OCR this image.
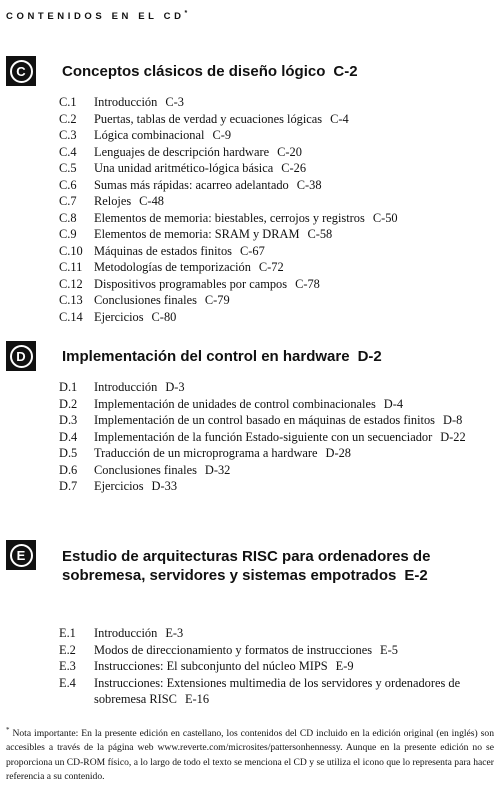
CONTENIDOS EN EL CD*
C	Conceptos clásicos de diseño lógico C-2
C.1 Introducción C-3
C.2 Puertas, tablas de verdad y ecuaciones lógicas C-4
C.3 Lógica combinacional C-9
C.4 Lenguajes de descripción hardware C-20
C.5 Una unidad aritmético-lógica básica C-26
C.6 Sumas más rápidas: acarreo adelantado C-38
C.7 Relojes C-48
C.8 Elementos de memoria: biestables, cerrojos y registros C-50
C.9 Elementos de memoria: SRAM y DRAM C-58
C.10 Máquinas de estados finitos C-67
C.11 Metodologías de temporización C-72
C.12 Dispositivos programables por campos C-78
C.13 Conclusiones finales C-79
C.14 Ejercicios C-80
D	Implementación del control en hardware D-2
D.1 Introducción D-3
D.2 Implementación de unidades de control combinacionales D-4
D.3 Implementación de un control basado en máquinas de estados finitos D-8
D.4 Implementación de la función Estado-siguiente con un secuenciador D-22
D.5 Traducción de un microprograma a hardware D-28
D.6 Conclusiones finales D-32
D.7 Ejercicios D-33
E	Estudio de arquitecturas RISC para ordenadores de sobremesa, servidores y sistemas empotrados E-2
E.1 Introducción E-3
E.2 Modos de direccionamiento y formatos de instrucciones E-5
E.3 Instrucciones: El subconjunto del núcleo MIPS E-9
E.4 Instrucciones: Extensiones multimedia de los servidores y ordenadores de sobremesa RISC E-16
* Nota importante: En la presente edición en castellano, los contenidos del CD incluido en la edición original (en inglés) son accesibles a través de la página web www.reverte.com/microsites/pattersonhennessy. Aunque en la presente edición no se proporciona un CD-ROM físico, a lo largo de todo el texto se menciona el CD y se utiliza el icono que lo representa para hacer referencia a su contenido.
